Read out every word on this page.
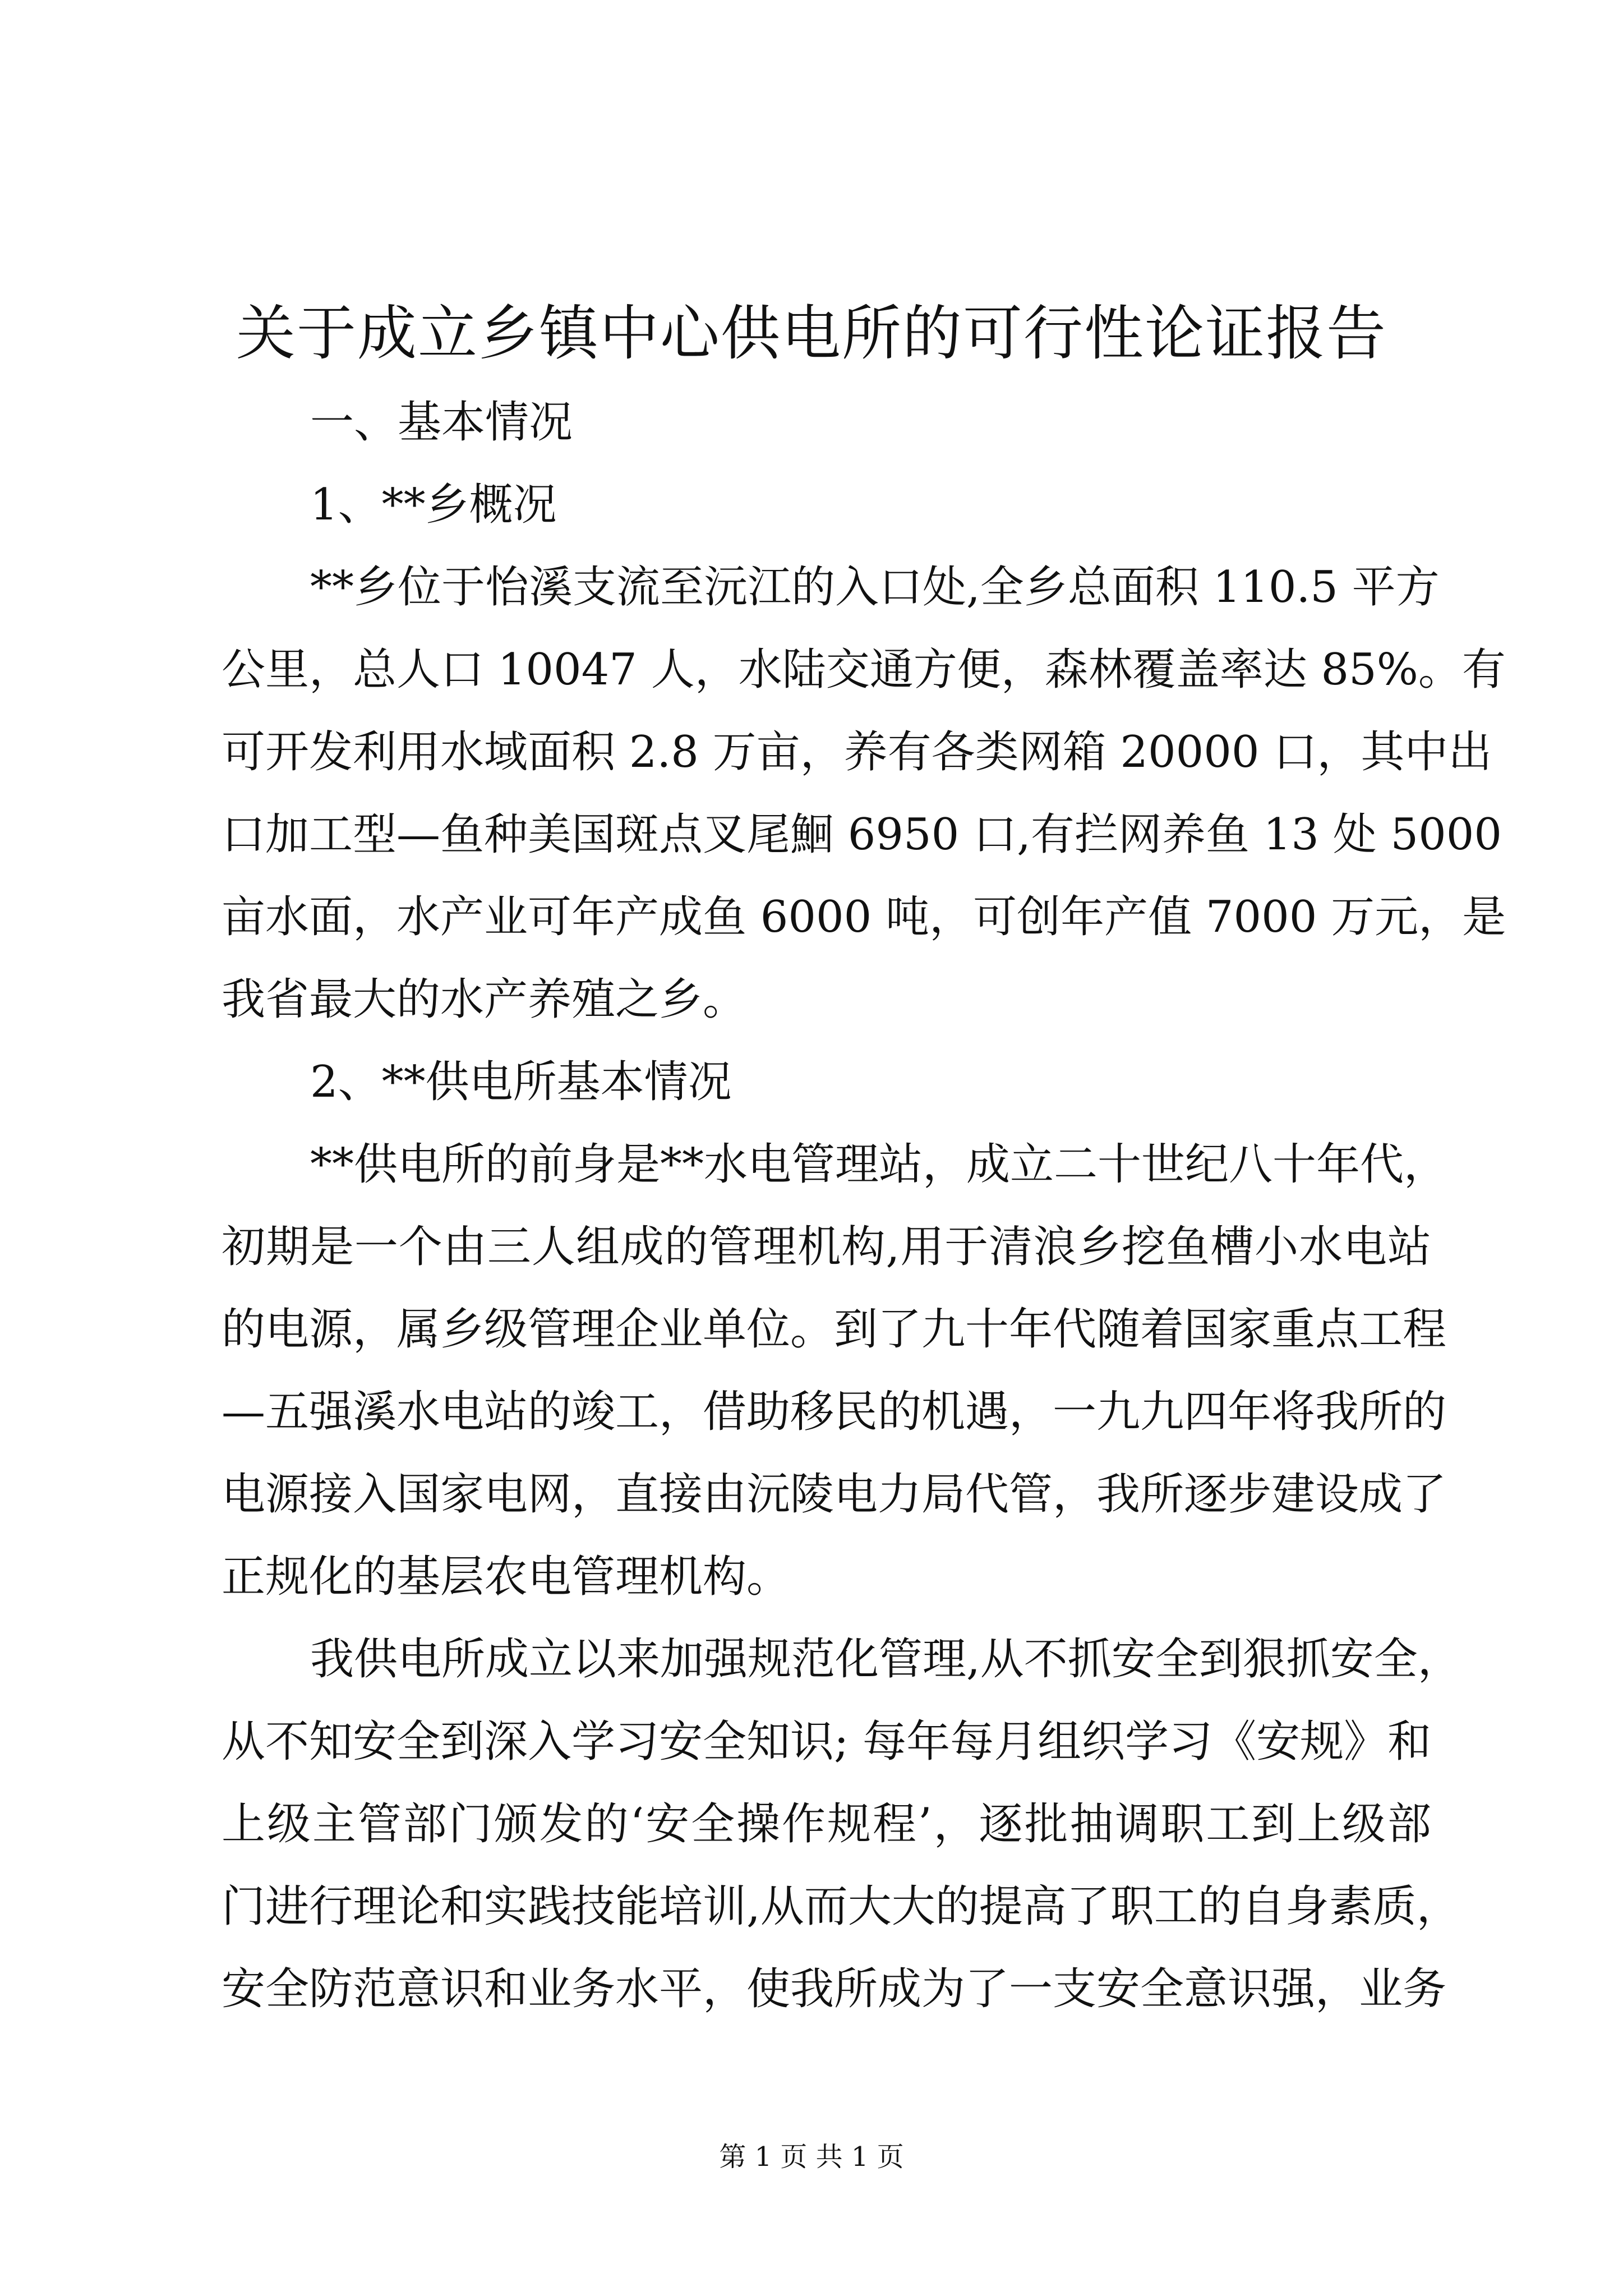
关于成立乡镇中心供电所的可行性论证报告
一、基本情况
1、**乡概况
**乡位于怡溪支流至沅江的入口处,全乡总面积 110.5 平方
公里，总人口 10047 人，水陆交通方便，森林覆盖率达 85%。有
可开发利用水域面积 2.8 万亩，养有各类网箱 20000 口，其中出
口加工型—鱼种美国斑点叉尾鮰 6950 口,有拦网养鱼 13 处 5000
亩水面，水产业可年产成鱼 6000 吨，可创年产值 7000 万元，是
我省最大的水产养殖之乡。
2、**供电所基本情况
**供电所的前身是**水电管理站，成立二十世纪八十年代，
初期是一个由三人组成的管理机构,用于清浪乡挖鱼槽小水电站
的电源，属乡级管理企业单位。到了九十年代随着国家重点工程
—五强溪水电站的竣工，借助移民的机遇，一九九四年将我所的
电源接入国家电网，直接由沅陵电力局代管，我所逐步建设成了
正规化的基层农电管理机构。
我供电所成立以来加强规范化管理,从不抓安全到狠抓安全，
从不知安全到深入学习安全知识; 每年每月组织学习《安规》和
上级主管部门颁发的‘安全操作规程’，逐批抽调职工到上级部
门进行理论和实践技能培训,从而大大的提高了职工的自身素质，
安全防范意识和业务水平，使我所成为了一支安全意识强，业务
第 1 页 共 1 页
